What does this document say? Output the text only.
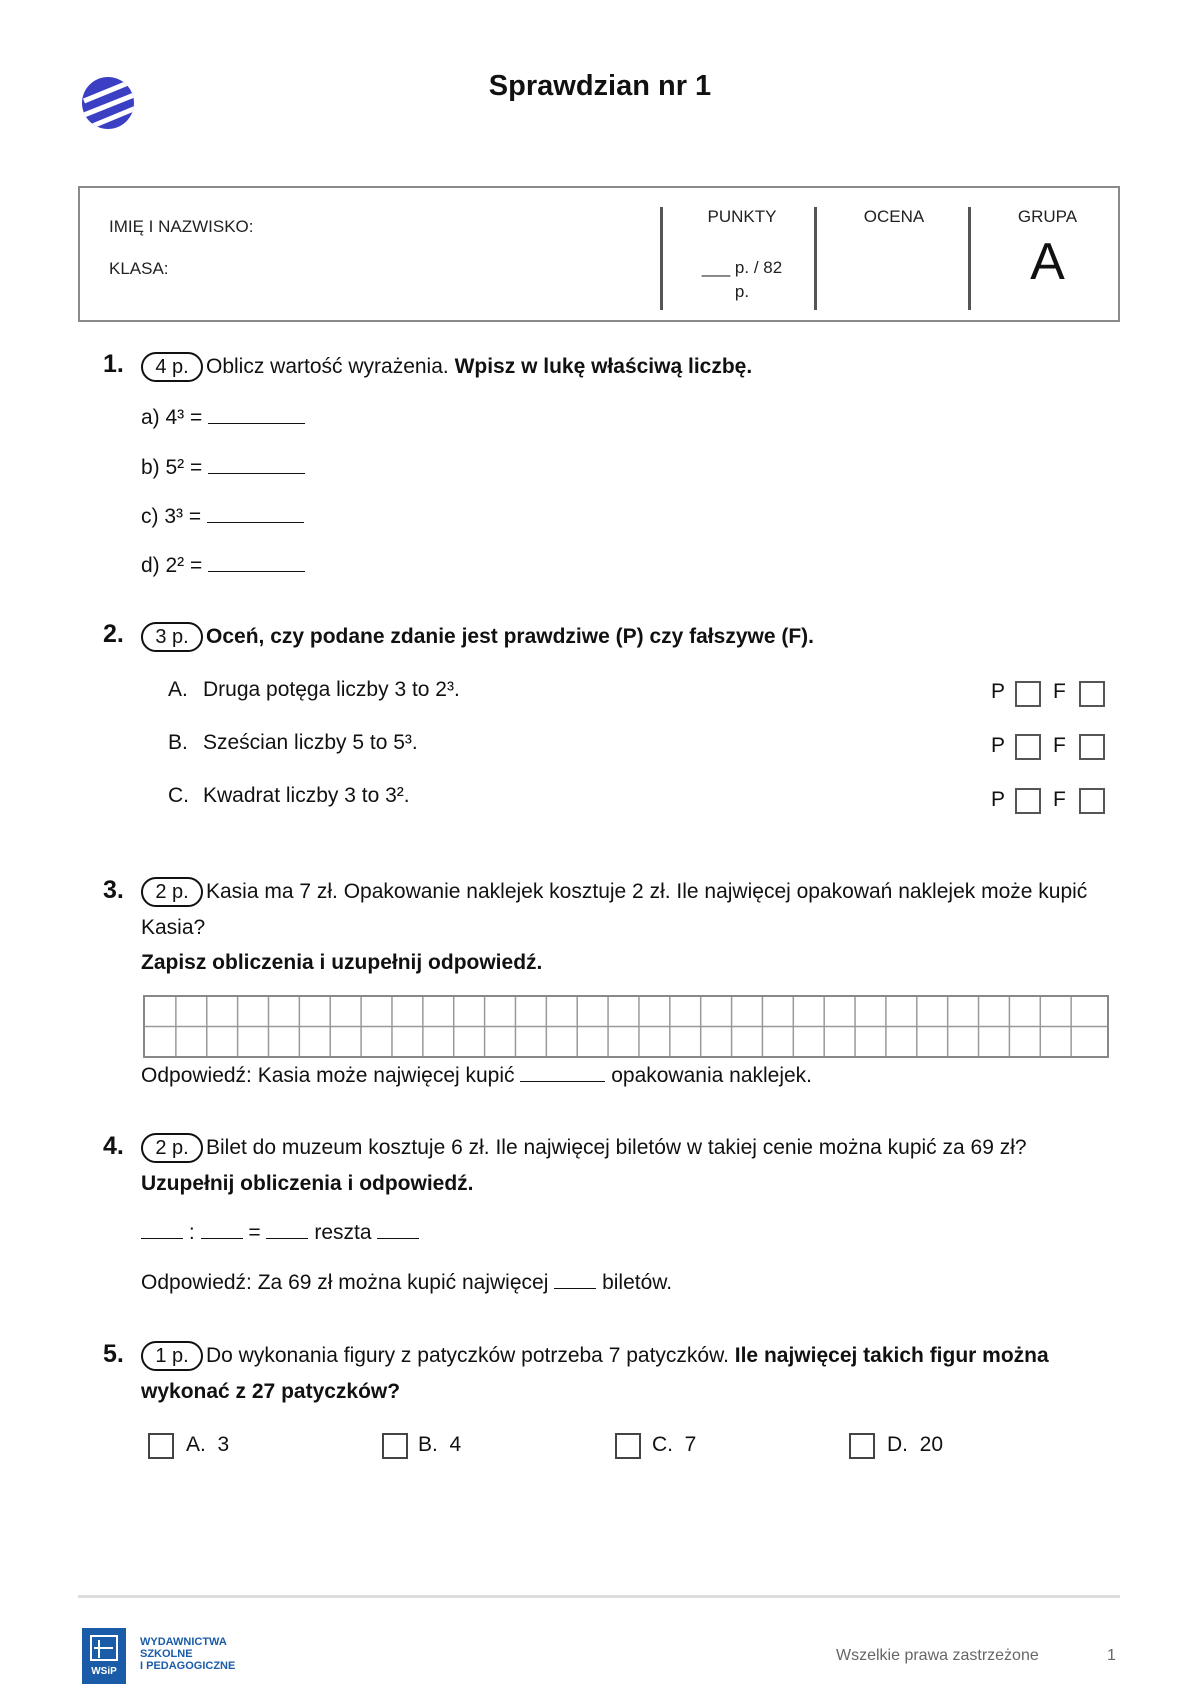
Sprawdzian nr 1
IMIĘ I NAZWISKO:
KLASA:
PUNKTY
___ p. / 82
p.
OCENA	GRUPA
A
1.	4 p. Oblicz wartość wyrażenia. Wpisz w lukę właściwą liczbę.
a) 4³ =
b) 5² =
c) 3³ =
d) 2² =
2.	3 p. Oceń, czy podane zdanie jest prawdziwe (P) czy fałszywe (F).
A. Druga potęga liczby 3 to 2³.	P F
B. Sześcian liczby 5 to 5³.	P F
C. Kwadrat liczby 3 to 3².	P F
3.	2 p. Kasia ma 7 zł. Opakowanie naklejek kosztuje 2 zł. Ile najwięcej opakowań naklejek może kupić
Kasia?
Zapisz obliczenia i uzupełnij odpowiedź.
Odpowiedź: Kasia może najwięcej kupić	opakowania naklejek.
4.	2 p. Bilet do muzeum kosztuje 6 zł. Ile najwięcej biletów w takiej cenie można kupić za 69 zł?
Uzupełnij obliczenia i odpowiedź.
:	=	reszta
Odpowiedź: Za 69 zł można kupić najwięcej	biletów.
5.	1 p. Do wykonania figury z patyczków potrzeba 7 patyczków. Ile najwięcej takich figur można
wykonać z 27 patyczków?
A. 3	B. 4	C. 7	D. 20
WSiP
WYDAWNICTWA
SZKOLNE
I PEDAGOGICZNE
Wszelkie prawa zastrzeżone	1
